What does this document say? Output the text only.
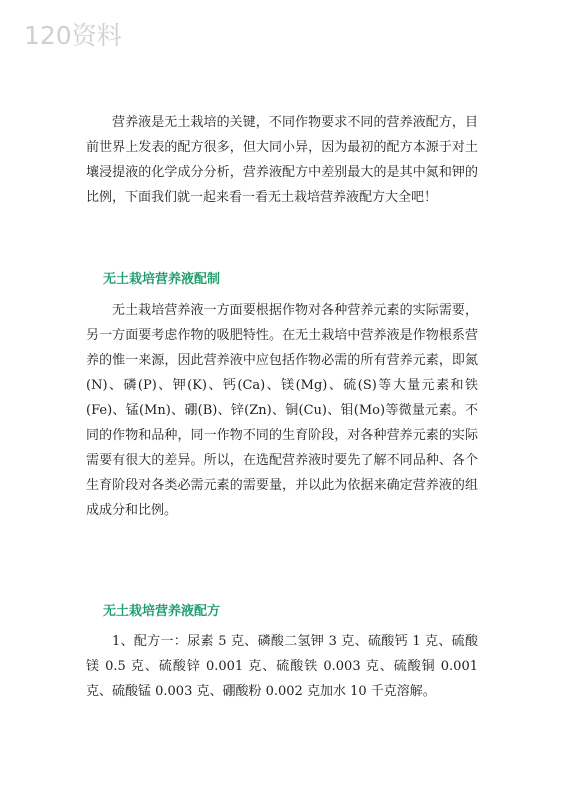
120资料

营养液是无土栽培的关键，不同作物要求不同的营养液配方，目前世界上发表的配方很多，但大同小异，因为最初的配方本源于对土壤浸提液的化学成分分析，营养液配方中差别最大的是其中氮和钾的比例，下面我们就一起来看一看无土栽培营养液配方大全吧！

无土栽培营养液配制

无土栽培营养液一方面要根据作物对各种营养元素的实际需要，另一方面要考虑作物的吸肥特性。在无土栽培中营养液是作物根系营养的惟一来源，因此营养液中应包括作物必需的所有营养元素，即氮(N)、磷(P)、钾(K)、钙(Ca)、镁(Mg)、硫(S)等大量元素和铁(Fe)、锰(Mn)、硼(B)、锌(Zn)、铜(Cu)、钼(Mo)等微量元素。不同的作物和品种，同一作物不同的生育阶段，对各种营养元素的实际需要有很大的差异。所以，在选配营养液时要先了解不同品种、各个生育阶段对各类必需元素的需要量，并以此为依据来确定营养液的组成成分和比例。

无土栽培营养液配方

1、配方一：尿素 5 克、磷酸二氢钾 3 克、硫酸钙 1 克、硫酸镁 0.5 克、硫酸锌 0.001 克、硫酸铁 0.003 克、硫酸铜 0.001 克、硫酸锰 0.003 克、硼酸粉 0.002 克加水 10 千克溶解。
